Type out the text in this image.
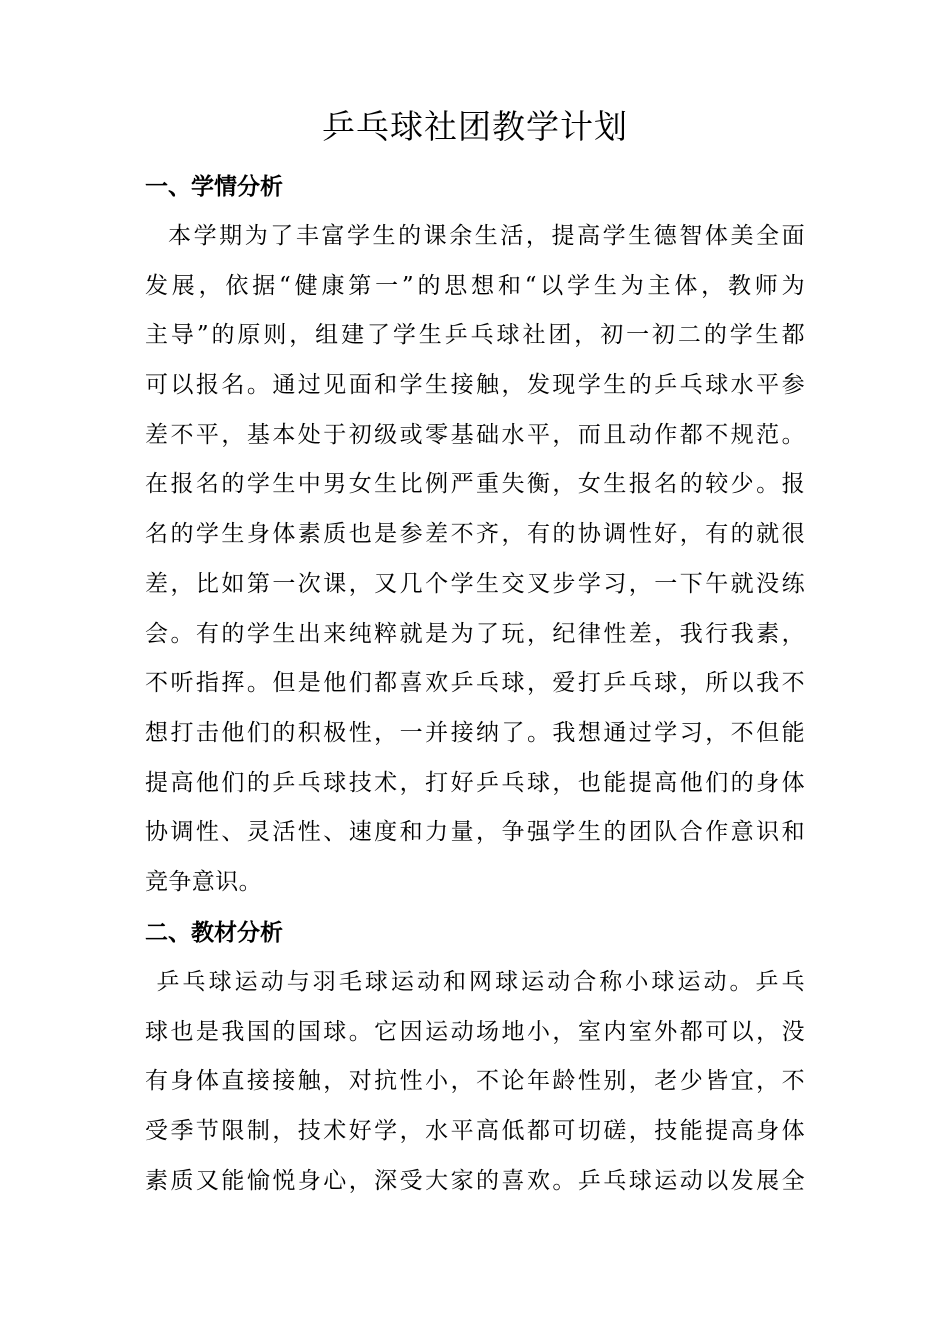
乒乓球社团教学计划
一、学情分析
本学期为了丰富学生的课余生活，提高学生德智体美全面
发展，依据“健康第一”的思想和“以学生为主体，教师为
主导”的原则，组建了学生乒乓球社团，初一初二的学生都
可以报名。通过见面和学生接触，发现学生的乒乓球水平参
差不平，基本处于初级或零基础水平，而且动作都不规范。
在报名的学生中男女生比例严重失衡，女生报名的较少。报
名的学生身体素质也是参差不齐，有的协调性好，有的就很
差，比如第一次课，又几个学生交叉步学习，一下午就没练
会。有的学生出来纯粹就是为了玩，纪律性差，我行我素，
不听指挥。但是他们都喜欢乒乓球，爱打乒乓球，所以我不
想打击他们的积极性，一并接纳了。我想通过学习，不但能
提高他们的乒乓球技术，打好乒乓球，也能提高他们的身体
协调性、灵活性、速度和力量，争强学生的团队合作意识和
竞争意识。
二、教材分析
乒乓球运动与羽毛球运动和网球运动合称小球运动。乒乓
球也是我国的国球。它因运动场地小，室内室外都可以，没
有身体直接接触，对抗性小，不论年龄性别，老少皆宜，不
受季节限制，技术好学，水平高低都可切磋，技能提高身体
素质又能愉悦身心，深受大家的喜欢。乒乓球运动以发展全
